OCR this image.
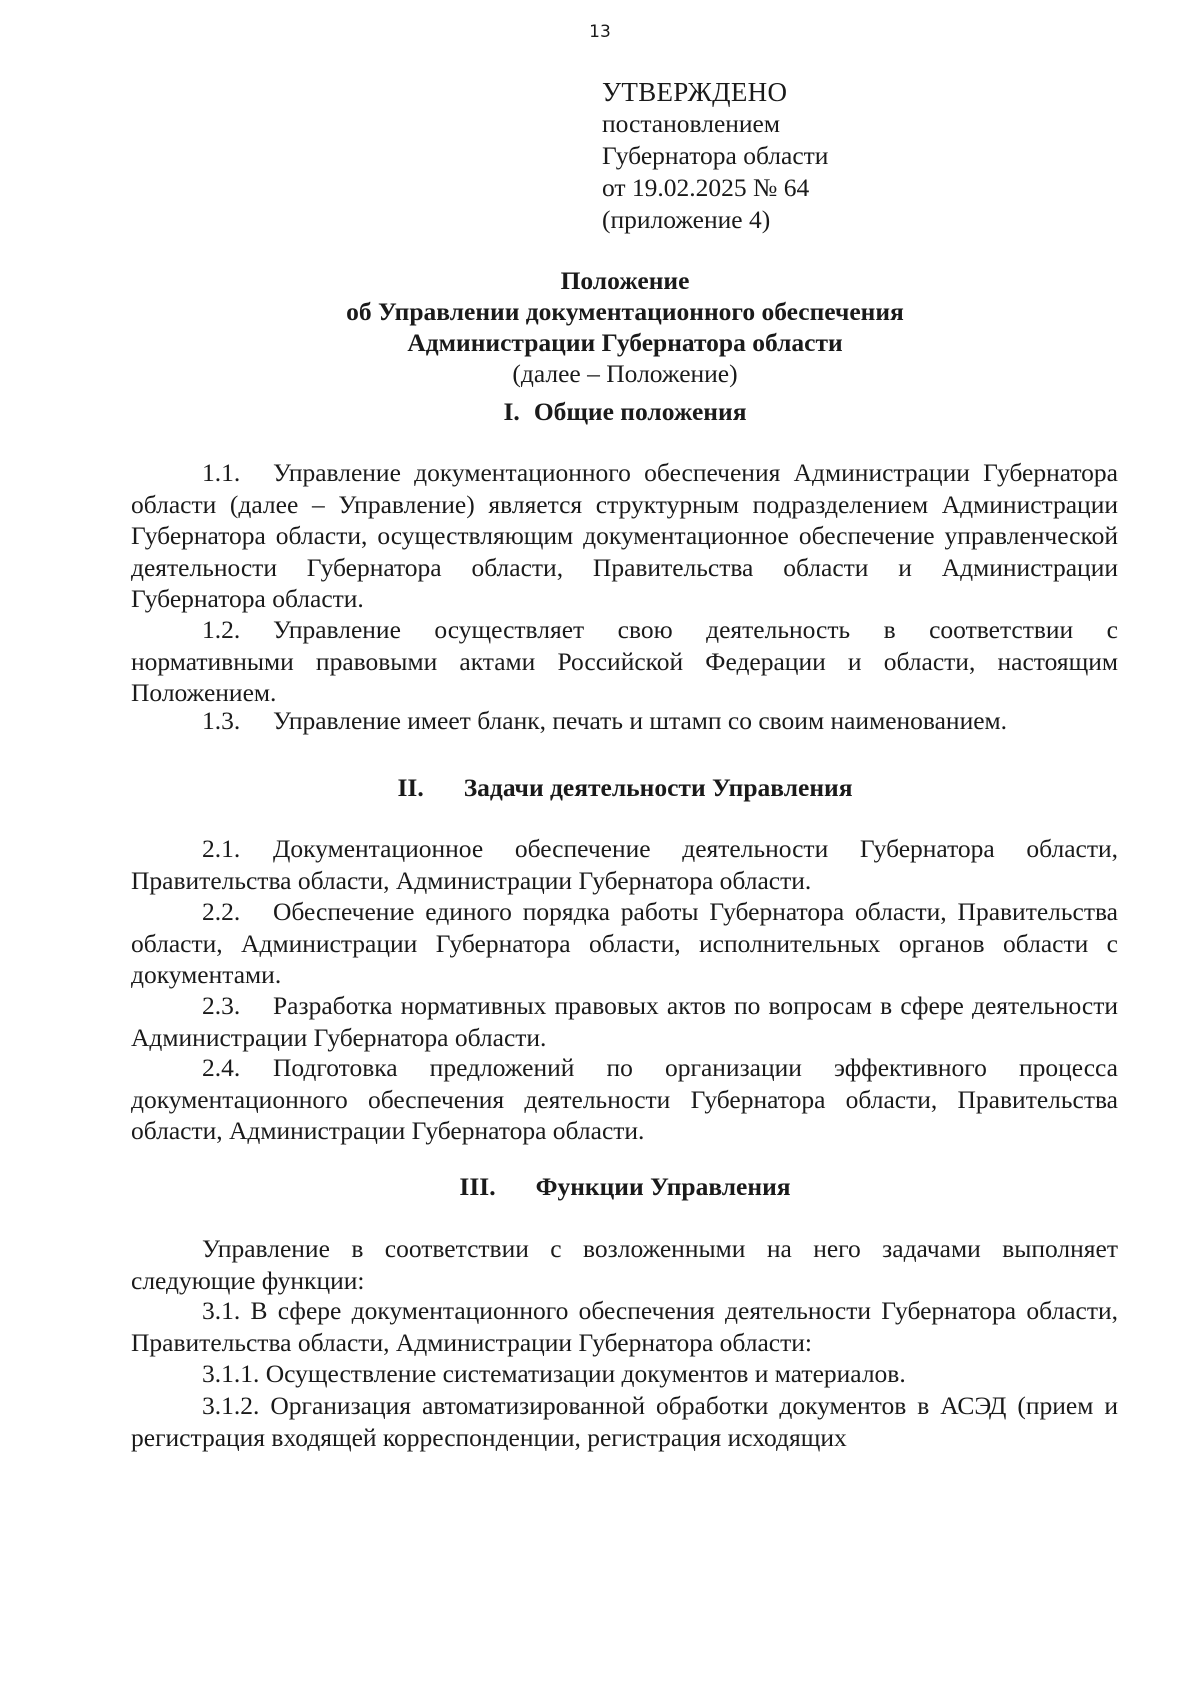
13
УТВЕРЖДЕНО
постановлением
Губернатора области
от 19.02.2025 № 64
(приложение 4)
Положение
об Управлении документационного обеспечения
Администрации Губернатора области
(далее – Положение)
I. Общие положения

1.1. Управление документационного обеспечения Администрации Губернатора области (далее – Управление) является структурным подразделением Администрации Губернатора области, осуществляющим документационное обеспечение управленческой деятельности Губернатора области, Правительства области и Администрации Губернатора области.

1.2. Управление осуществляет свою деятельность в соответствии с нормативными правовыми актами Российской Федерации и области, настоящим Положением.

1.3. Управление имеет бланк, печать и штамп со своим наименованием.

II. Задачи деятельности Управления

2.1. Документационное обеспечение деятельности Губернатора области, Правительства области, Администрации Губернатора области.

2.2. Обеспечение единого порядка работы Губернатора области, Правительства области, Администрации Губернатора области, исполнительных органов области с документами.

2.3. Разработка нормативных правовых актов по вопросам в сфере деятельности Администрации Губернатора области.

2.4. Подготовка предложений по организации эффективного процесса документационного обеспечения деятельности Губернатора области, Правительства области, Администрации Губернатора области.

III. Функции Управления

Управление в соответствии с возложенными на него задачами выполняет следующие функции:

3.1. В сфере документационного обеспечения деятельности Губернатора области, Правительства области, Администрации Губернатора области:

3.1.1. Осуществление систематизации документов и материалов.

3.1.2. Организация автоматизированной обработки документов в АСЭД (прием и регистрация входящей корреспонденции, регистрация исходящих
